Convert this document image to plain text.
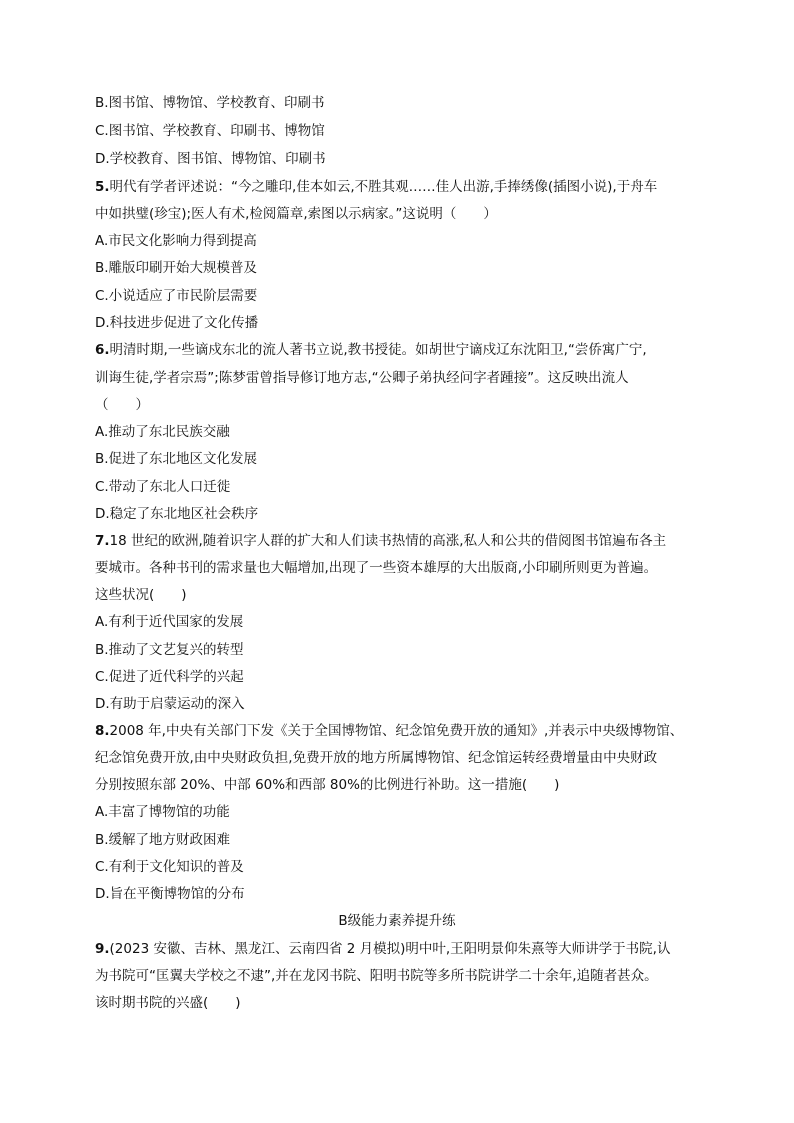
B.图书馆、博物馆、学校教育、印刷书
C.图书馆、学校教育、印刷书、博物馆
D.学校教育、图书馆、博物馆、印刷书
5.明代有学者评述说：“今之雕印,佳本如云,不胜其观……佳人出游,手捧绣像(插图小说),于舟车
中如拱璧(珍宝);医人有术,检阅篇章,索图以示病家。”这说明（　　）
A.市民文化影响力得到提高
B.雕版印刷开始大规模普及
C.小说适应了市民阶层需要
D.科技进步促进了文化传播
6.明清时期,一些谪戍东北的流人著书立说,教书授徒。如胡世宁谪戍辽东沈阳卫,“尝侨寓广宁,
训诲生徒,学者宗焉”;陈梦雷曾指导修订地方志,“公卿子弟执经问字者踵接”。这反映出流人
（　　）
A.推动了东北民族交融
B.促进了东北地区文化发展
C.带动了东北人口迁徙
D.稳定了东北地区社会秩序
7.18 世纪的欧洲,随着识字人群的扩大和人们读书热情的高涨,私人和公共的借阅图书馆遍布各主
要城市。各种书刊的需求量也大幅增加,出现了一些资本雄厚的大出版商,小印刷所则更为普遍。
这些状况(　　)
A.有利于近代国家的发展
B.推动了文艺复兴的转型
C.促进了近代科学的兴起
D.有助于启蒙运动的深入
8.2008 年,中央有关部门下发《关于全国博物馆、纪念馆免费开放的通知》,并表示中央级博物馆、
纪念馆免费开放,由中央财政负担,免费开放的地方所属博物馆、纪念馆运转经费增量由中央财政
分别按照东部 20%、中部 60%和西部 80%的比例进行补助。这一措施(　　)
A.丰富了博物馆的功能
B.缓解了地方财政困难
C.有利于文化知识的普及
D.旨在平衡博物馆的分布
B级能力素养提升练
9.(2023 安徽、吉林、黑龙江、云南四省 2 月模拟)明中叶,王阳明景仰朱熹等大师讲学于书院,认
为书院可“匡翼夫学校之不逮”,并在龙冈书院、阳明书院等多所书院讲学二十余年,追随者甚众。
该时期书院的兴盛(　　)
